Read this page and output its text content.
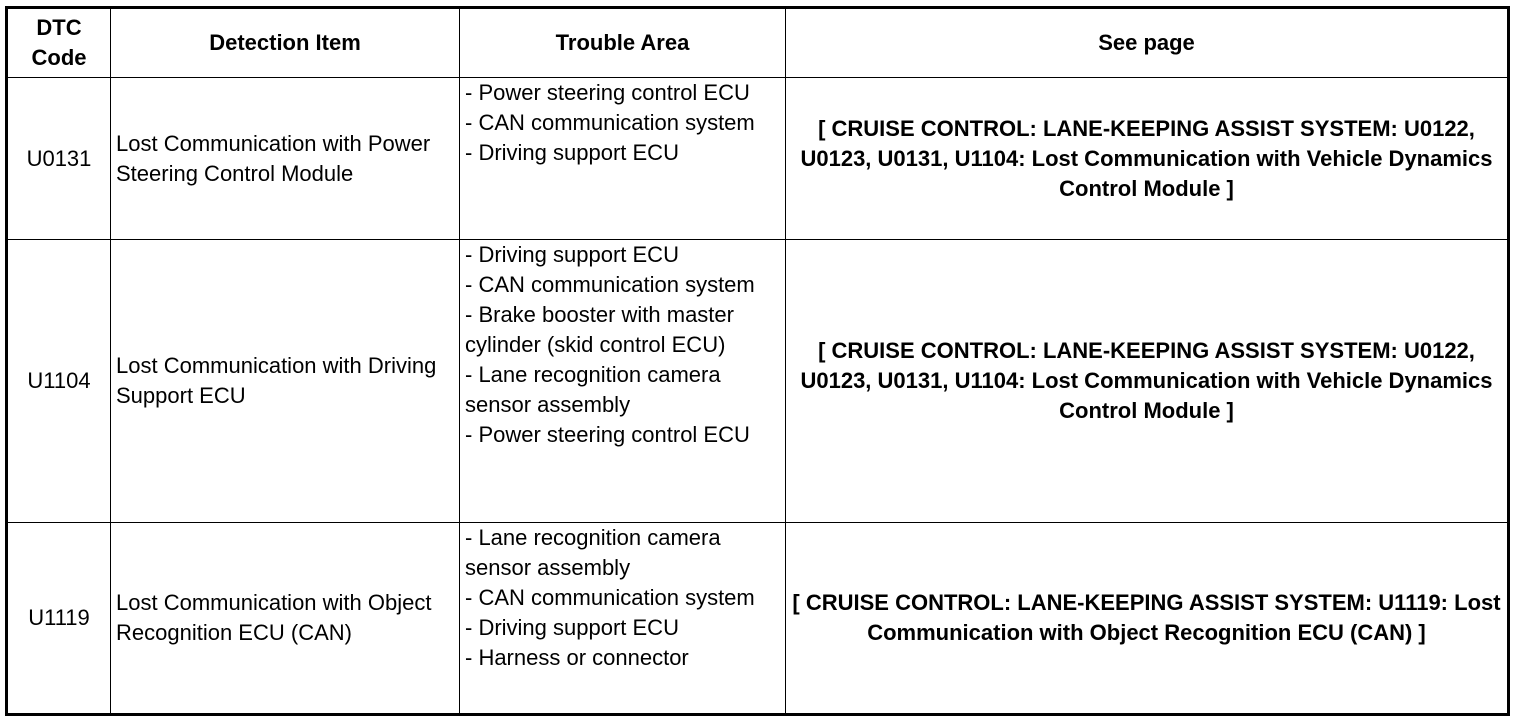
DTC Code	Detection Item	Trouble Area	See page
U0131	Lost Communication with Power Steering Control Module	- Power steering control ECU
- CAN communication system
- Driving support ECU	[ CRUISE CONTROL: LANE-KEEPING ASSIST SYSTEM: U0122, U0123, U0131, U1104: Lost Communication with Vehicle Dynamics Control Module ]
U1104	Lost Communication with Driving Support ECU	- Driving support ECU
- CAN communication system
- Brake booster with master cylinder (skid control ECU)
- Lane recognition camera sensor assembly
- Power steering control ECU	[ CRUISE CONTROL: LANE-KEEPING ASSIST SYSTEM: U0122, U0123, U0131, U1104: Lost Communication with Vehicle Dynamics Control Module ]
U1119	Lost Communication with Object Recognition ECU (CAN)	- Lane recognition camera sensor assembly
- CAN communication system
- Driving support ECU
- Harness or connector	[ CRUISE CONTROL: LANE-KEEPING ASSIST SYSTEM: U1119: Lost Communication with Object Recognition ECU (CAN) ]
